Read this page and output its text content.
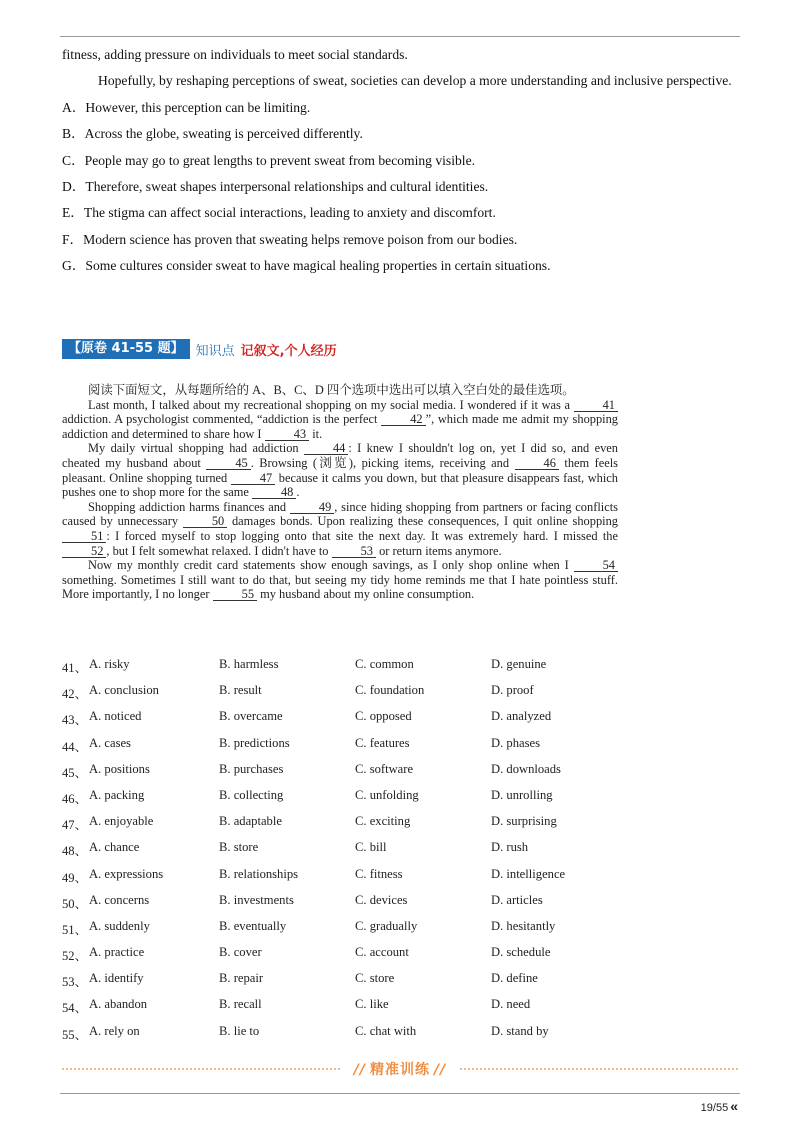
fitness, adding pressure on individuals to meet social standards.

Hopefully, by reshaping perceptions of sweat, societies can develop a more understanding and inclusive perspective.

A．However, this perception can be limiting.

B．Across the globe, sweating is perceived differently.

C．People may go to great lengths to prevent sweat from becoming visible.

D．Therefore, sweat shapes interpersonal relationships and cultural identities.

E．The stigma can affect social interactions, leading to anxiety and discomfort.

F．Modern science has proven that sweating helps remove poison from our bodies.

G．Some cultures consider sweat to have magical healing properties in certain situations.

【原卷 41-55 题】 知识点 记叙文,个人经历

阅读下面短文，从每题所给的 A、B、C、D 四个选项中选出可以填入空白处的最佳选项。

Last month, I talked about my recreational shopping on my social media. I wondered if it was a	41 addiction. A psychologist commented, “addiction is the perfect	42 ”, which made me admit my shopping addiction and determined to share how I	43 it.

My daily virtual shopping had addiction	44 : I knew I shouldn't log on, yet I did so, and even cheated my husband about	45 . Browsing (浏览), picking items, receiving and	46 them feels pleasant. Online shopping turned	47 because it calms you down, but that pleasure disappears fast, which pushes one to shop more for the same	48 .

Shopping addiction harms finances and	49 , since hiding shopping from partners or facing conflicts caused by unnecessary	50 damages bonds. Upon realizing these consequences, I quit online shopping 51 : I forced myself to stop logging onto that site the next day. It was extremely hard. I missed the 52 , but I felt somewhat relaxed. I didn't have to	53 or return items anymore.

Now my monthly credit card statements show enough savings, as I only shop online when I	54 something. Sometimes I still want to do that, but seeing my tidy home reminds me that I hate pointless stuff. More importantly, I no longer	55 my husband about my online consumption.

41、 A. risky	B. harmless	C. common	D. genuine
42、 A. conclusion	B. result	C. foundation	D. proof
43、 A. noticed	B. overcame	C. opposed	D. analyzed
44、 A. cases	B. predictions	C. features	D. phases
45、 A. positions	B. purchases	C. software	D. downloads
46、 A. packing	B. collecting	C. unfolding	D. unrolling
47、 A. enjoyable	B. adaptable	C. exciting	D. surprising
48、 A. chance	B. store	C. bill	D. rush
49、 A. expressions	B. relationships	C. fitness	D. intelligence
50、 A. concerns	B. investments	C. devices	D. articles
51、 A. suddenly	B. eventually	C. gradually	D. hesitantly
52、 A. practice	B. cover	C. account	D. schedule
53、 A. identify	B. repair	C. store	D. define
54、 A. abandon	B. recall	C. like	D. need
55、 A. rely on	B. lie to	C. chat with	D. stand by
// 精准训练 //
19/55 «
